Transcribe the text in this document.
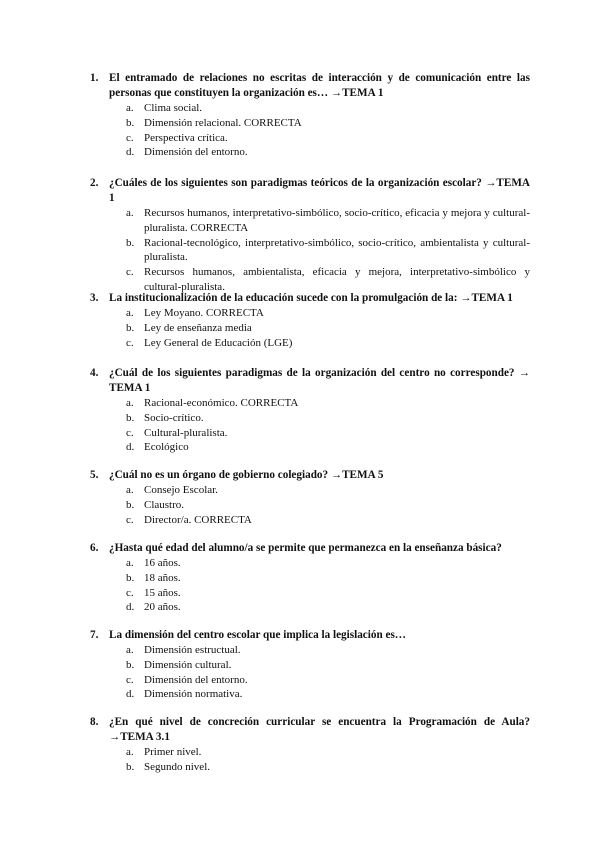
1. El entramado de relaciones no escritas de interacción y de comunicación entre las personas que constituyen la organización es… →TEMA 1
a. Clima social.
b. Dimensión relacional. CORRECTA
c. Perspectiva crítica.
d. Dimensión del entorno.
2. ¿Cuáles de los siguientes son paradigmas teóricos de la organización escolar? →TEMA 1
a. Recursos humanos, interpretativo-simbólico, socio-crítico, eficacia y mejora y cultural-pluralista. CORRECTA
b. Racional-tecnológico, interpretativo-simbólico, socio-crítico, ambientalista y cultural-pluralista.
c. Recursos humanos, ambientalista, eficacia y mejora, interpretativo-simbólico y cultural-pluralista.
3. La institucionalización de la educación sucede con la promulgación de la: →TEMA 1
a. Ley Moyano. CORRECTA
b. Ley de enseñanza media
c. Ley General de Educación (LGE)
4. ¿Cuál de los siguientes paradigmas de la organización del centro no corresponde? → TEMA 1
a. Racional-económico. CORRECTA
b. Socio-crítico.
c. Cultural-pluralista.
d. Ecológico
5. ¿Cuál no es un órgano de gobierno colegiado? →TEMA 5
a. Consejo Escolar.
b. Claustro.
c. Director/a. CORRECTA
6. ¿Hasta qué edad del alumno/a se permite que permanezca en la enseñanza básica?
a. 16 años.
b. 18 años.
c. 15 años.
d. 20 años.
7. La dimensión del centro escolar que implica la legislación es…
a. Dimensión estructual.
b. Dimensión cultural.
c. Dimensión del entorno.
d. Dimensión normativa.
8. ¿En qué nivel de concreción curricular se encuentra la Programación de Aula? →TEMA 3.1
a. Primer nivel.
b. Segundo nivel.
